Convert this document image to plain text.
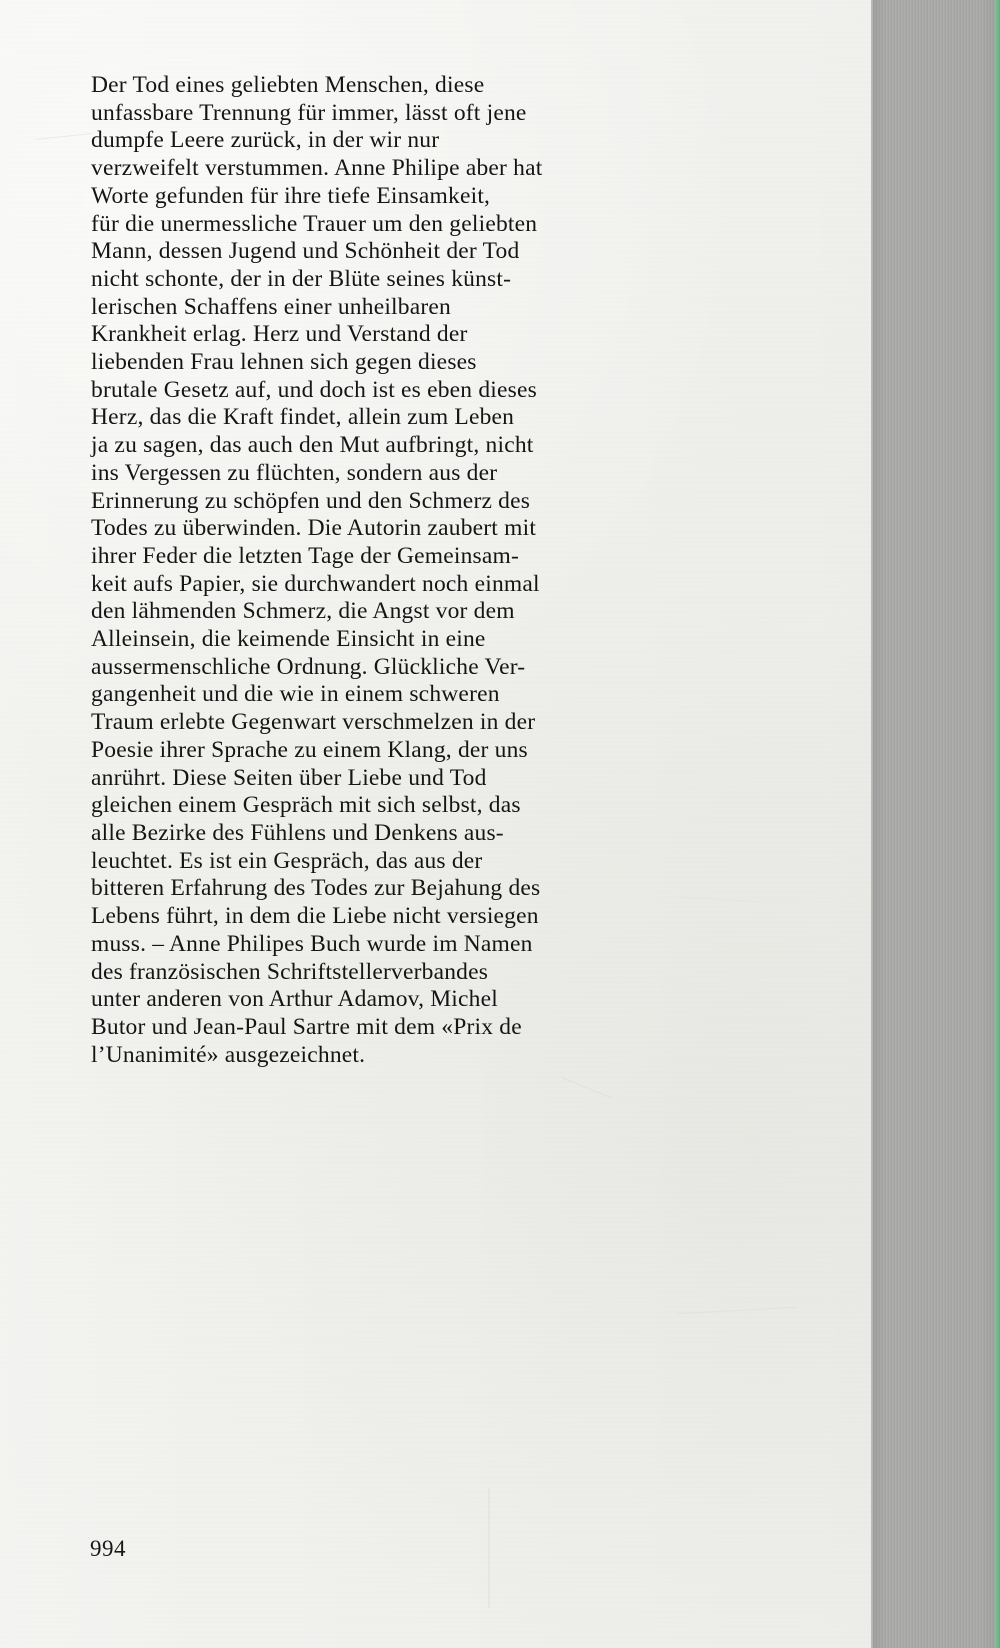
Der Tod eines geliebten Menschen, diese
unfassbare Trennung für immer, lässt oft jene
dumpfe Leere zurück, in der wir nur
verzweifelt verstummen. Anne Philipe aber hat
Worte gefunden für ihre tiefe Einsamkeit,
für die unermessliche Trauer um den geliebten
Mann, dessen Jugend und Schönheit der Tod
nicht schonte, der in der Blüte seines künst-
lerischen Schaffens einer unheilbaren
Krankheit erlag. Herz und Verstand der
liebenden Frau lehnen sich gegen dieses
brutale Gesetz auf, und doch ist es eben dieses
Herz, das die Kraft findet, allein zum Leben
ja zu sagen, das auch den Mut aufbringt, nicht
ins Vergessen zu flüchten, sondern aus der
Erinnerung zu schöpfen und den Schmerz des
Todes zu überwinden. Die Autorin zaubert mit
ihrer Feder die letzten Tage der Gemeinsam-
keit aufs Papier, sie durchwandert noch einmal
den lähmenden Schmerz, die Angst vor dem
Alleinsein, die keimende Einsicht in eine
aussermenschliche Ordnung. Glückliche Ver-
gangenheit und die wie in einem schweren
Traum erlebte Gegenwart verschmelzen in der
Poesie ihrer Sprache zu einem Klang, der uns
anrührt. Diese Seiten über Liebe und Tod
gleichen einem Gespräch mit sich selbst, das
alle Bezirke des Fühlens und Denkens aus-
leuchtet. Es ist ein Gespräch, das aus der
bitteren Erfahrung des Todes zur Bejahung des
Lebens führt, in dem die Liebe nicht versiegen
muss. – Anne Philipes Buch wurde im Namen
des französischen Schriftstellerverbandes
unter anderen von Arthur Adamov, Michel
Butor und Jean-Paul Sartre mit dem «Prix de
l’Unanimité» ausgezeichnet.

994
